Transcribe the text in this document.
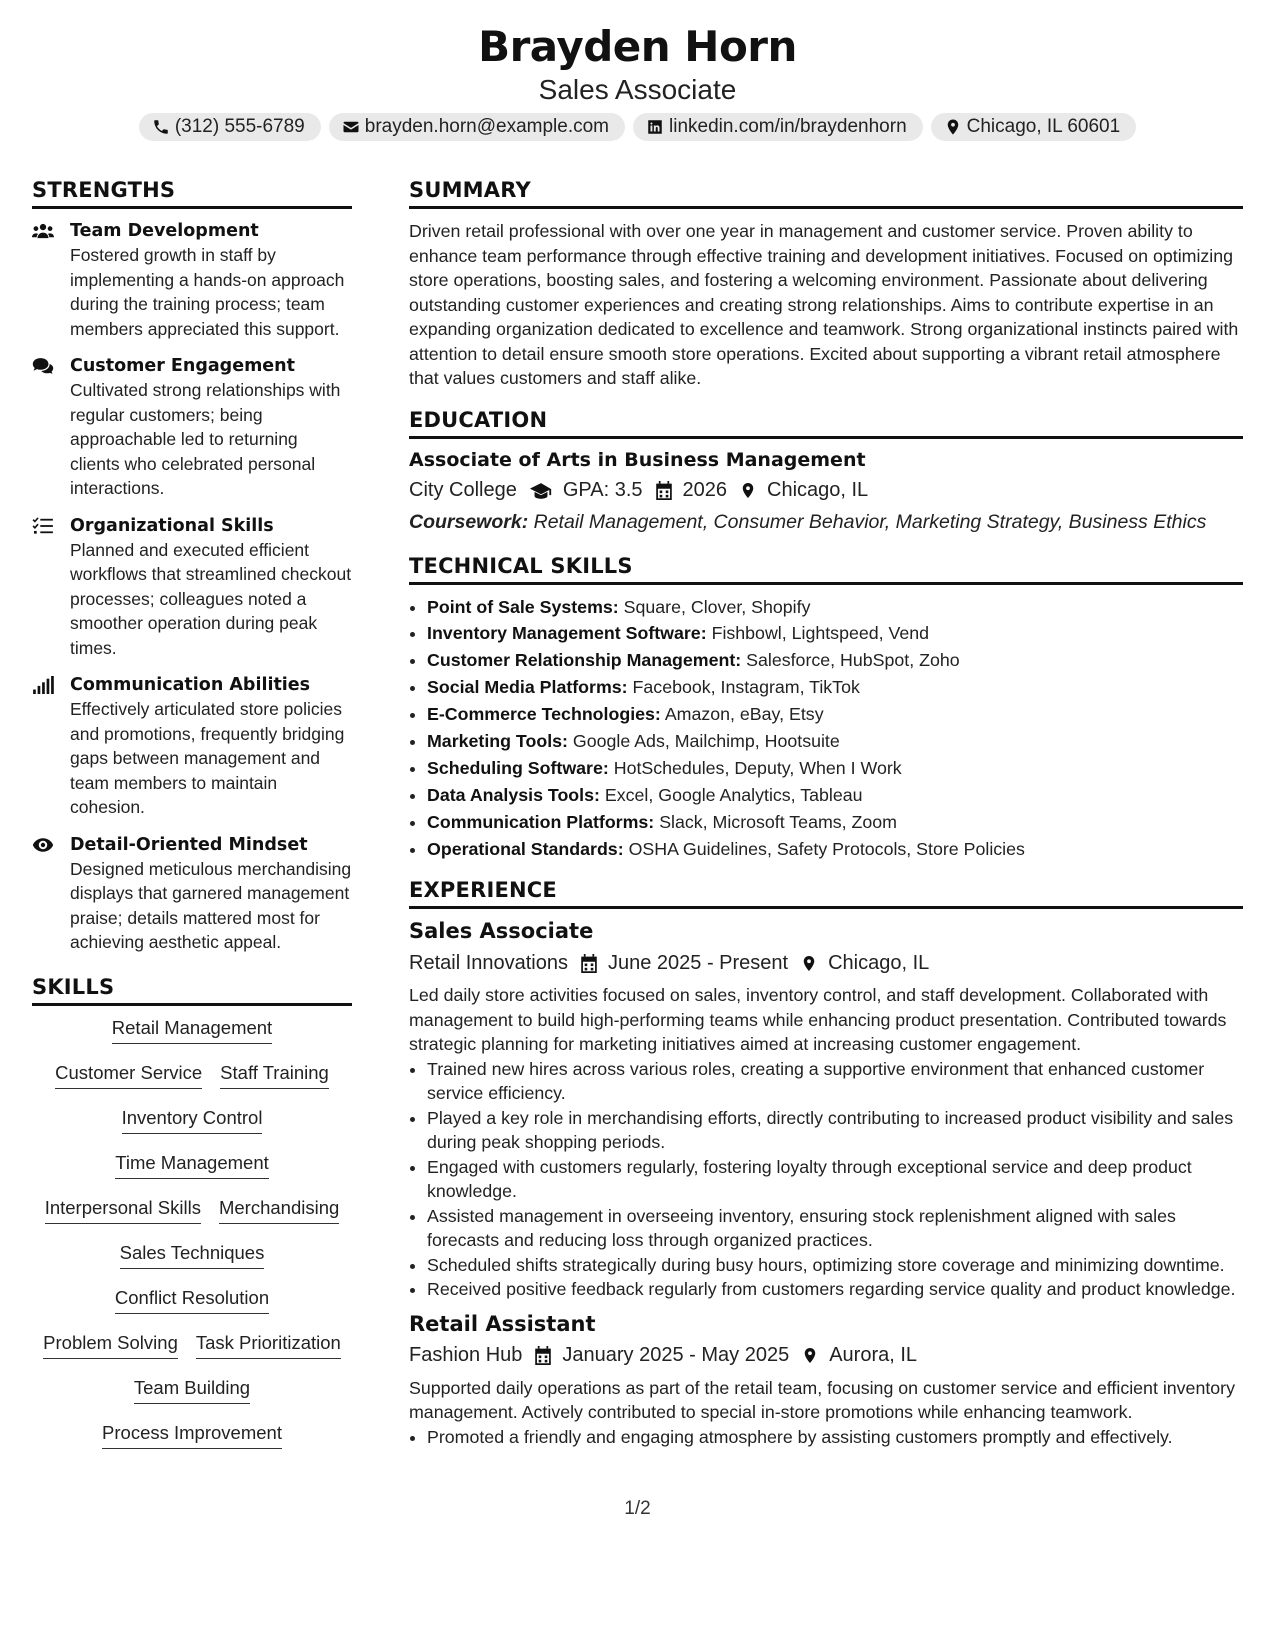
Brayden Horn
Sales Associate
(312) 555-6789	brayden.horn@example.com	linkedin.com/in/braydenhorn	Chicago, IL 60601
STRENGTHS
Team Development
Fostered growth in staff by implementing a hands-on approach during the training process; team members appreciated this support.
Customer Engagement
Cultivated strong relationships with regular customers; being approachable led to returning clients who celebrated personal interactions.
Organizational Skills
Planned and executed efficient workflows that streamlined checkout processes; colleagues noted a smoother operation during peak times.
Communication Abilities
Effectively articulated store policies and promotions, frequently bridging gaps between management and team members to maintain cohesion.
Detail-Oriented Mindset
Designed meticulous merchandising displays that garnered management praise; details mattered most for achieving aesthetic appeal.
SKILLS
Retail Management
Customer Service Staff Training
Inventory Control
Time Management
Interpersonal Skills Merchandising
Sales Techniques
Conflict Resolution
Problem Solving Task Prioritization
Team Building
Process Improvement
SUMMARY

Driven retail professional with over one year in management and customer service. Proven ability to enhance team performance through effective training and development initiatives. Focused on optimizing store operations, boosting sales, and fostering a welcoming environment. Passionate about delivering outstanding customer experiences and creating strong relationships. Aims to contribute expertise in an expanding organization dedicated to excellence and teamwork. Strong organizational instincts paired with attention to detail ensure smooth store operations. Excited about supporting a vibrant retail atmosphere that values customers and staff alike.

EDUCATION
Associate of Arts in Business Management
City College GPA: 3.5 2026 Chicago, IL
Coursework: Retail Management, Consumer Behavior, Marketing Strategy, Business Ethics
TECHNICAL SKILLS
• Point of Sale Systems: Square, Clover, Shopify
• Inventory Management Software: Fishbowl, Lightspeed, Vend
• Customer Relationship Management: Salesforce, HubSpot, Zoho
• Social Media Platforms: Facebook, Instagram, TikTok
• E-Commerce Technologies: Amazon, eBay, Etsy
• Marketing Tools: Google Ads, Mailchimp, Hootsuite
• Scheduling Software: HotSchedules, Deputy, When I Work
• Data Analysis Tools: Excel, Google Analytics, Tableau
• Communication Platforms: Slack, Microsoft Teams, Zoom
• Operational Standards: OSHA Guidelines, Safety Protocols, Store Policies
EXPERIENCE
Sales Associate
Retail Innovations June 2025 - Present Chicago, IL

Led daily store activities focused on sales, inventory control, and staff development. Collaborated with management to build high-performing teams while enhancing product presentation. Contributed towards strategic planning for marketing initiatives aimed at increasing customer engagement.

• Trained new hires across various roles, creating a supportive environment that enhanced customer service efficiency.
• Played a key role in merchandising efforts, directly contributing to increased product visibility and sales during peak shopping periods.
• Engaged with customers regularly, fostering loyalty through exceptional service and deep product knowledge.
• Assisted management in overseeing inventory, ensuring stock replenishment aligned with sales forecasts and reducing loss through organized practices.
• Scheduled shifts strategically during busy hours, optimizing store coverage and minimizing downtime.
• Received positive feedback regularly from customers regarding service quality and product knowledge.
Retail Assistant
Fashion Hub January 2025 - May 2025 Aurora, IL

Supported daily operations as part of the retail team, focusing on customer service and efficient inventory management. Actively contributed to special in-store promotions while enhancing teamwork.

• Promoted a friendly and engaging atmosphere by assisting customers promptly and effectively.
1/2
